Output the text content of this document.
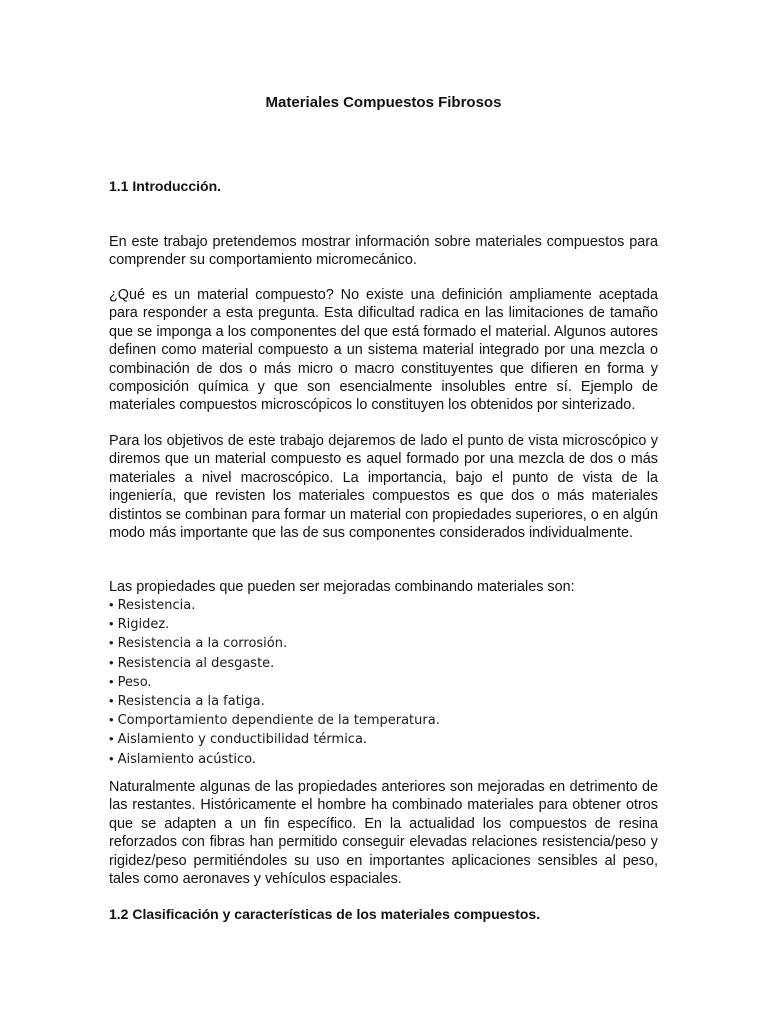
Materiales Compuestos Fibrosos
1.1 Introducción.

En este trabajo pretendemos mostrar información sobre materiales compuestos para comprender su comportamiento micromecánico.

¿Qué es un material compuesto? No existe una definición ampliamente aceptada para responder a esta pregunta. Esta dificultad radica en las limitaciones de tamaño que se imponga a los componentes del que está formado el material. Algunos autores definen como material compuesto a un sistema material integrado por una mezcla o combinación de dos o más micro o macro constituyentes que difieren en forma y composición química y que son esencialmente insolubles entre sí. Ejemplo de materiales compuestos microscópicos lo constituyen los obtenidos por sinterizado.

Para los objetivos de este trabajo dejaremos de lado el punto de vista microscópico y diremos que un material compuesto es aquel formado por una mezcla de dos o más materiales a nivel macroscópico. La importancia, bajo el punto de vista de la ingeniería, que revisten los materiales compuestos es que dos o más materiales distintos se combinan para formar un material con propiedades superiores, o en algún modo más importante que las de sus componentes considerados individualmente.

Las propiedades que pueden ser mejoradas combinando materiales son:

• Resistencia.
• Rigidez.
• Resistencia a la corrosión.
• Resistencia al desgaste.
• Peso.
• Resistencia a la fatiga.
• Comportamiento dependiente de la temperatura.
• Aislamiento y conductibilidad térmica.
• Aislamiento acústico.

Naturalmente algunas de las propiedades anteriores son mejoradas en detrimento de las restantes. Históricamente el hombre ha combinado materiales para obtener otros que se adapten a un fin específico. En la actualidad los compuestos de resina reforzados con fibras han permitido conseguir elevadas relaciones resistencia/peso y rigidez/peso permitiéndoles su uso en importantes aplicaciones sensibles al peso, tales como aeronaves y vehículos espaciales.

1.2 Clasificación y características de los materiales compuestos.
